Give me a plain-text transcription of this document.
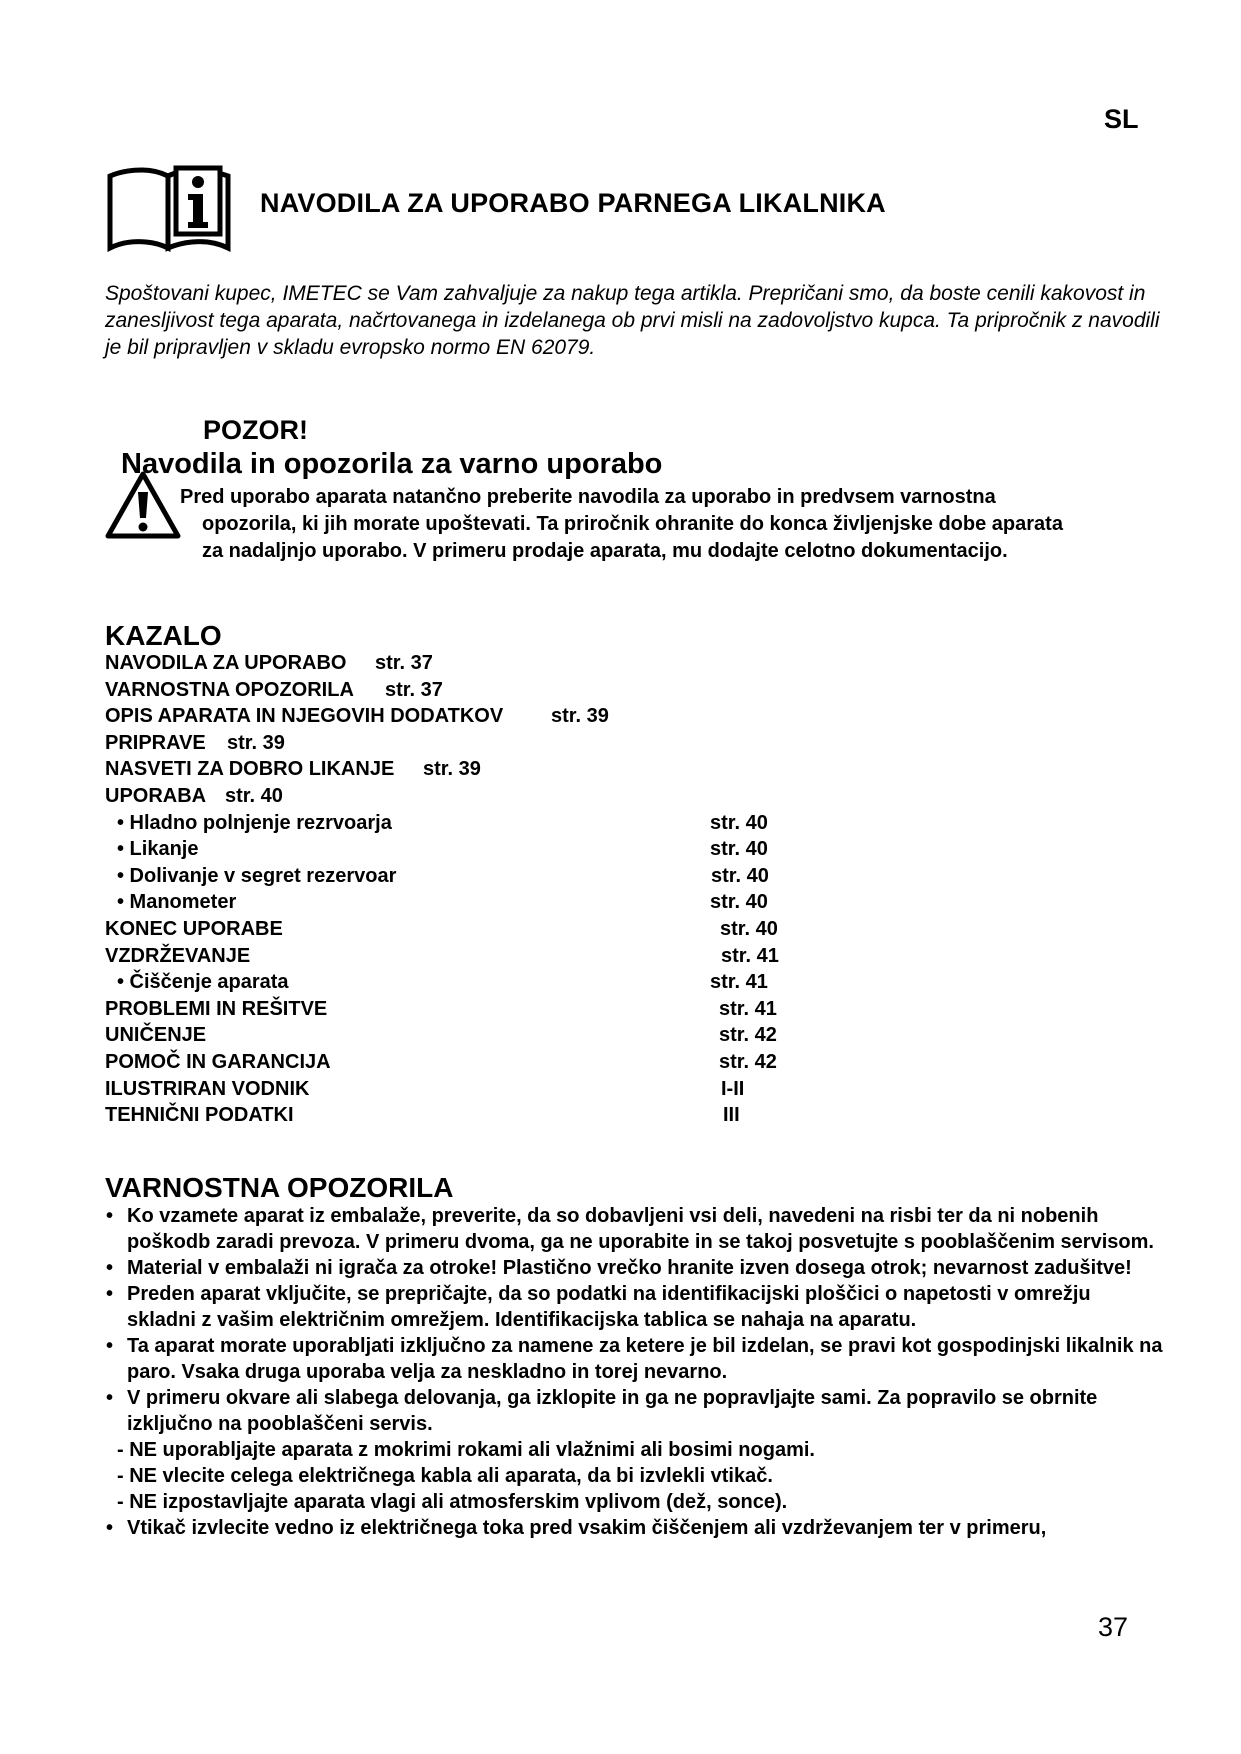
SL
NAVODILA ZA UPORABO PARNEGA LIKALNIKA
Spoštovani kupec, IMETEC se Vam zahvaljuje za nakup tega artikla. Prepričani smo, da boste cenili kakovost in zanesljivost tega aparata, načrtovanega in izdelanega ob prvi misli na zadovoljstvo kupca. Ta pripročnik z navodili je bil pripravljen v skladu evropsko normo EN 62079.
POZOR!
Navodila in opozorila za varno uporabo
Pred uporabo aparata natančno preberite navodila za uporabo in predvsem varnostna
opozorila, ki jih morate upoštevati. Ta priročnik ohranite do konca življenjske dobe aparata
za nadaljnjo uporabo. V primeru prodaje aparata, mu dodajte celotno dokumentacijo.
KAZALO
NAVODILA ZA UPORABO str. 37
VARNOSTNA OPOZORILA str. 37
OPIS APARATA IN NJEGOVIH DODATKOV str. 39
PRIPRAVE str. 39
NASVETI ZA DOBRO LIKANJE str. 39
UPORABA str. 40
• Hladno polnjenje rezrvoarja	str. 40
• Likanje	str. 40
• Dolivanje v segret rezervoar	str. 40
• Manometer	str. 40
KONEC UPORABE	str. 40
VZDRŽEVANJE	str. 41
• Čiščenje aparata	str. 41
PROBLEMI IN REŠITVE	str. 41
UNIČENJE	str. 42
POMOČ IN GARANCIJA	str. 42
ILUSTRIRAN VODNIK	I-II
TEHNIČNI PODATKI	III
VARNOSTNA OPOZORILA

• Ko vzamete aparat iz embalaže, preverite, da so dobavljeni vsi deli, navedeni na risbi ter da ni nobenih poškodb zaradi prevoza. V primeru dvoma, ga ne uporabite in se takoj posvetujte s pooblaščenim servisom.

• Material v embalaži ni igrača za otroke! Plastično vrečko hranite izven dosega otrok; nevarnost zadušitve!

• Preden aparat vključite, se prepričajte, da so podatki na identifikacijski ploščici o napetosti v omrežju skladni z vašim električnim omrežjem. Identifikacijska tablica se nahaja na aparatu.

• Ta aparat morate uporabljati izključno za namene za ketere je bil izdelan, se pravi kot gospodinjski likalnik na paro. Vsaka druga uporaba velja za neskladno in torej nevarno.

• V primeru okvare ali slabega delovanja, ga izklopite in ga ne popravljajte sami. Za popravilo se obrnite izključno na pooblaščeni servis.

- NE uporabljajte aparata z mokrimi rokami ali vlažnimi ali bosimi nogami.

- NE vlecite celega električnega kabla ali aparata, da bi izvlekli vtikač.

- NE izpostavljajte aparata vlagi ali atmosferskim vplivom (dež, sonce).

• Vtikač izvlecite vedno iz električnega toka pred vsakim čiščenjem ali vzdrževanjem ter v primeru,

37
